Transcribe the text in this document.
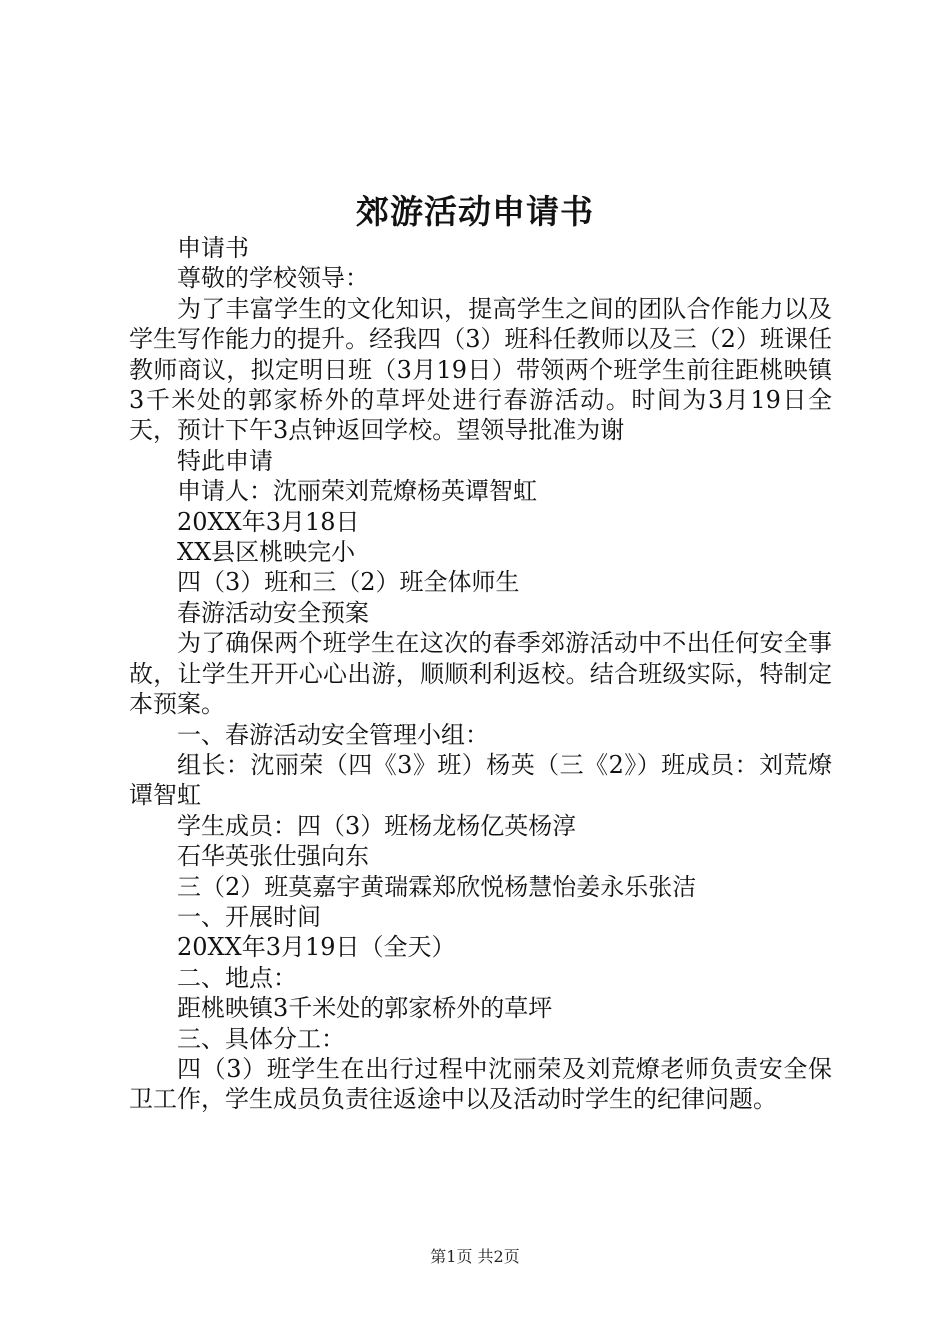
郊游活动申请书

申请书

尊敬的学校领导：

为了丰富学生的文化知识，提高学生之间的团队合作能力以及学生写作能力的提升。经我四（3）班科任教师以及三（2）班课任教师商议，拟定明日班（3月19日）带领两个班学生前往距桃映镇3千米处的郭家桥外的草坪处进行春游活动。时间为3月19日全天，预计下午3点钟返回学校。望领导批准为谢

特此申请

申请人：沈丽荣刘荒燎杨英谭智虹

20XX年3月18日

XX县区桃映完小

四（3）班和三（2）班全体师生

春游活动安全预案

为了确保两个班学生在这次的春季郊游活动中不出任何安全事故，让学生开开心心出游，顺顺利利返校。结合班级实际，特制定本预案。

一、春游活动安全管理小组：

组长：沈丽荣（四《3》班）杨英（三《2》）班成员：刘荒燎谭智虹

学生成员：四（3）班杨龙杨亿英杨淳

石华英张仕强向东

三（2）班莫嘉宇黄瑞霖郑欣悦杨慧怡姜永乐张洁

一、开展时间

20XX年3月19日（全天）

二、地点：

距桃映镇3千米处的郭家桥外的草坪

三、具体分工：

四（3）班学生在出行过程中沈丽荣及刘荒燎老师负责安全保卫工作，学生成员负责往返途中以及活动时学生的纪律问题。

第1页 共2页
